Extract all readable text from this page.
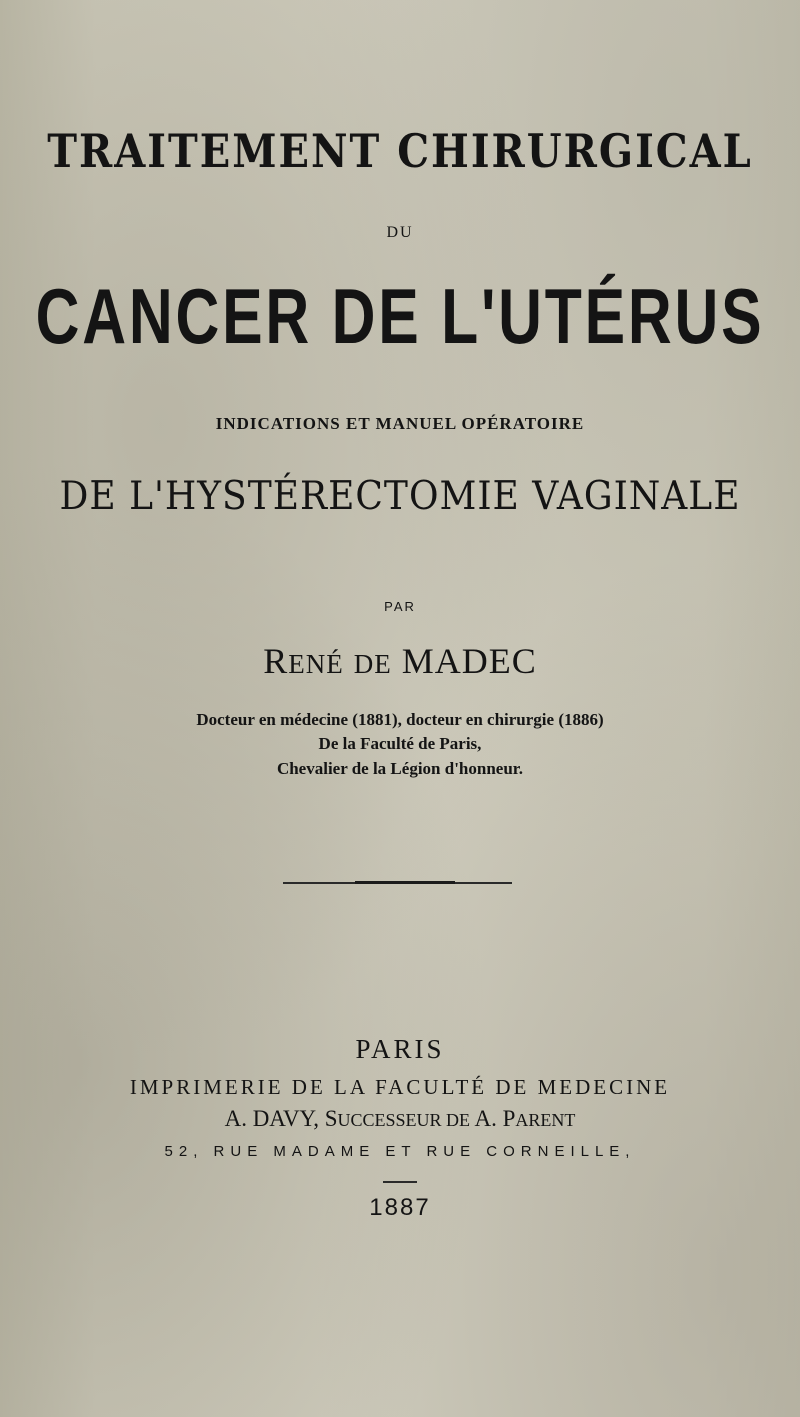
TRAITEMENT CHIRURGICAL
DU
CANCER DE L'UTÉRUS
INDICATIONS ET MANUEL OPÉRATOIRE
DE L'HYSTÉRECTOMIE VAGINALE
PAR
RENÉ DE MADEC
Docteur en médecine (1881), docteur en chirurgie (1886)
De la Faculté de Paris,
Chevalier de la Légion d'honneur.
PARIS
IMPRIMERIE DE LA FACULTÉ DE MEDECINE
A. DAVY, SUCCESSEUR DE A. PARENT
52, RUE MADAME ET RUE CORNEILLE,
1887
